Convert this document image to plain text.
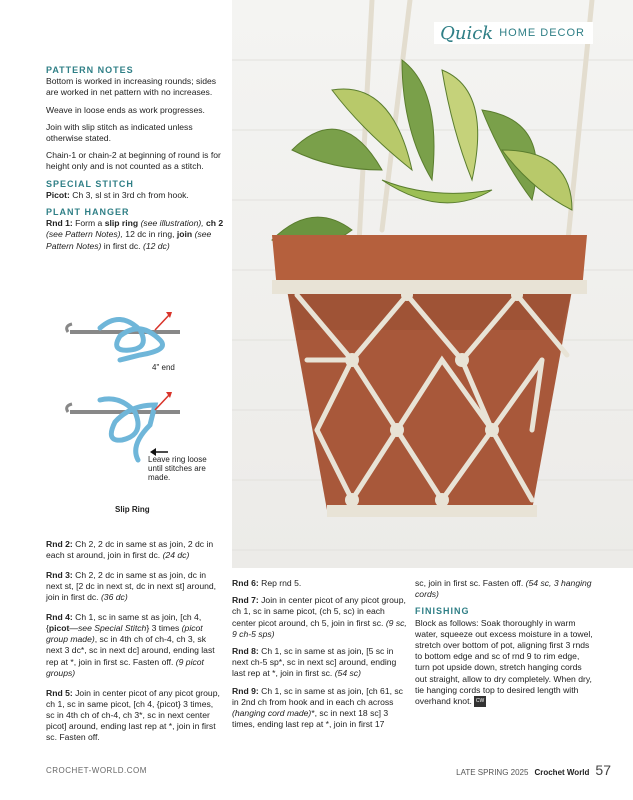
Quick HOME DECOR
PATTERN NOTES

Bottom is worked in increasing rounds; sides are worked in net pattern with no increases.

Weave in loose ends as work progresses.

Join with slip stitch as indicated unless otherwise stated.

Chain-1 or chain-2 at beginning of round is for height only and is not counted as a stitch.

SPECIAL STITCH

Picot: Ch 3, sl st in 3rd ch from hook.

PLANT HANGER

Rnd 1: Form a slip ring (see illustration), ch 2 (see Pattern Notes), 12 dc in ring, join (see Pattern Notes) in first dc. (12 dc)

4" end
Leave ring loose until stitches are made.
Slip Ring

Rnd 2: Ch 2, 2 dc in same st as join, 2 dc in each st around, join in first dc. (24 dc)

Rnd 3: Ch 2, 2 dc in same st as join, dc in next st, [2 dc in next st, dc in next st] around, join in first dc. (36 dc)

Rnd 4: Ch 1, sc in same st as join, [ch 4, {picot—see Special Stitch} 3 times (picot group made), sc in 4th ch of ch-4, ch 3, sk next 3 dc*, sc in next dc] around, ending last rep at *, join in first sc. Fasten off. (9 picot groups)

Rnd 5: Join in center picot of any picot group, ch 1, sc in same picot, [ch 4, {picot} 3 times, sc in 4th ch of ch-4, ch 3*, sc in next center picot] around, ending last rep at *, join in first sc. Fasten off.

Rnd 6: Rep rnd 5.

Rnd 7: Join in center picot of any picot group, ch 1, sc in same picot, (ch 5, sc) in each center picot around, ch 5, join in first sc. (9 sc, 9 ch-5 sps)

Rnd 8: Ch 1, sc in same st as join, [5 sc in next ch-5 sp*, sc in next sc] around, ending last rep at *, join in first sc. (54 sc)

Rnd 9: Ch 1, sc in same st as join, [ch 61, sc in 2nd ch from hook and in each ch across (hanging cord made)*, sc in next 18 sc] 3 times, ending last rep at *, join in first 17

sc, join in first sc. Fasten off. (54 sc, 3 hanging cords)

FINISHING

Block as follows: Soak thoroughly in warm water, squeeze out excess moisture in a towel, stretch over bottom of pot, aligning first 3 rnds to bottom edge and sc of rnd 9 to rim edge, turn pot upside down, stretch hanging cords out straight, allow to dry completely. When dry, tie hanging cords top to desired length with overhand knot. CW

CROCHET-WORLD.COM	LATE SPRING 2025 Crochet World 57
